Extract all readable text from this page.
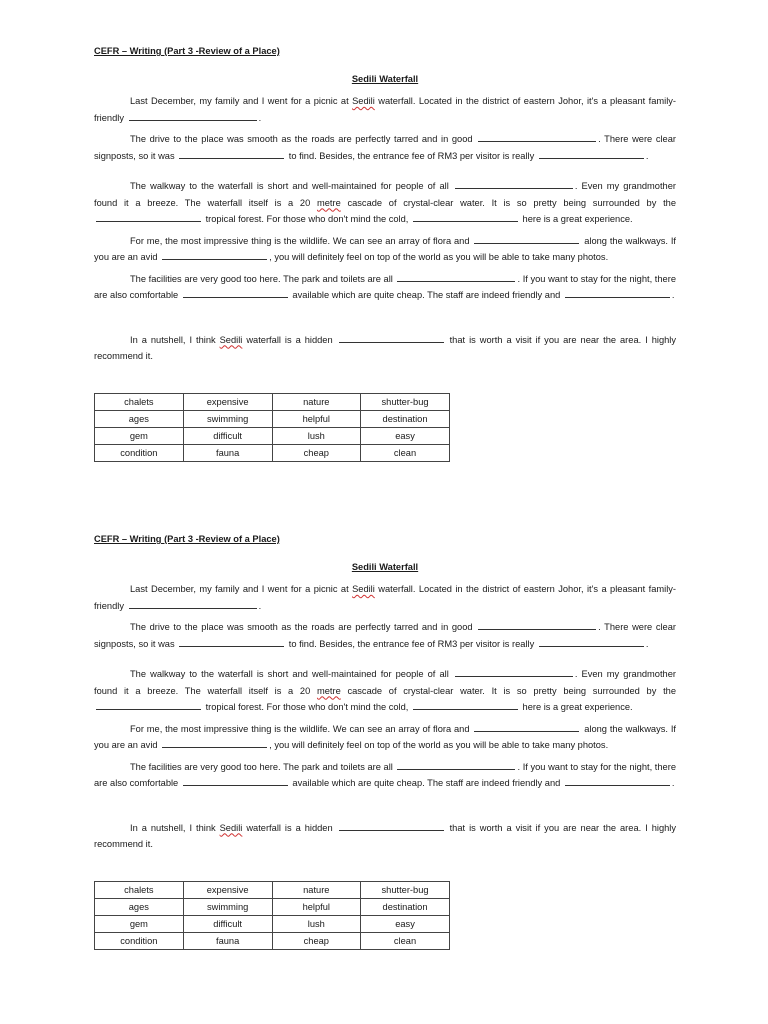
CEFR – Writing (Part 3 -Review of a Place)

Sedili Waterfall

Last December, my family and I went for a picnic at Sedili waterfall. Located in the district of eastern Johor, it's a pleasant family-friendly	.

The drive to the place was smooth as the roads are perfectly tarred and in good	. There were clear signposts, so it was	to find. Besides, the entrance fee of RM3 per visitor is really	.

The walkway to the waterfall is short and well-maintained for people of all	. Even my grandmother found it a breeze. The waterfall itself is a 20 metre cascade of crystal-clear water. It is so pretty being surrounded by the  tropical forest. For those who don't mind the cold,	here is a great experience.

For me, the most impressive thing is the wildlife. We can see an array of flora and	along the walkways. If you are an avid	, you will definitely feel on top of the world as you will be able to take many photos.

The facilities are very good too here. The park and toilets are all	. If you want to stay for the night, there are also comfortable	available which are quite cheap. The staff are indeed friendly and	.

In a nutshell, I think Sedili waterfall is a hidden	that is worth a visit if you are near the area. I highly recommend it.

chalets	expensive	nature	shutter-bug
ages	swimming	helpful	destination
gem	difficult	lush	easy
condition	fauna	cheap	clean

CEFR – Writing (Part 3 -Review of a Place)

Sedili Waterfall

Last December, my family and I went for a picnic at Sedili waterfall. Located in the district of eastern Johor, it's a pleasant family-friendly	.

The drive to the place was smooth as the roads are perfectly tarred and in good	. There were clear signposts, so it was	to find. Besides, the entrance fee of RM3 per visitor is really	.

The walkway to the waterfall is short and well-maintained for people of all	. Even my grandmother found it a breeze. The waterfall itself is a 20 metre cascade of crystal-clear water. It is so pretty being surrounded by the  tropical forest. For those who don't mind the cold,	here is a great experience.

For me, the most impressive thing is the wildlife. We can see an array of flora and	along the walkways. If you are an avid	, you will definitely feel on top of the world as you will be able to take many photos.

The facilities are very good too here. The park and toilets are all	. If you want to stay for the night, there are also comfortable	available which are quite cheap. The staff are indeed friendly and	.

In a nutshell, I think Sedili waterfall is a hidden	that is worth a visit if you are near the area. I highly recommend it.

chalets	expensive	nature	shutter-bug
ages	swimming	helpful	destination
gem	difficult	lush	easy
condition	fauna	cheap	clean
